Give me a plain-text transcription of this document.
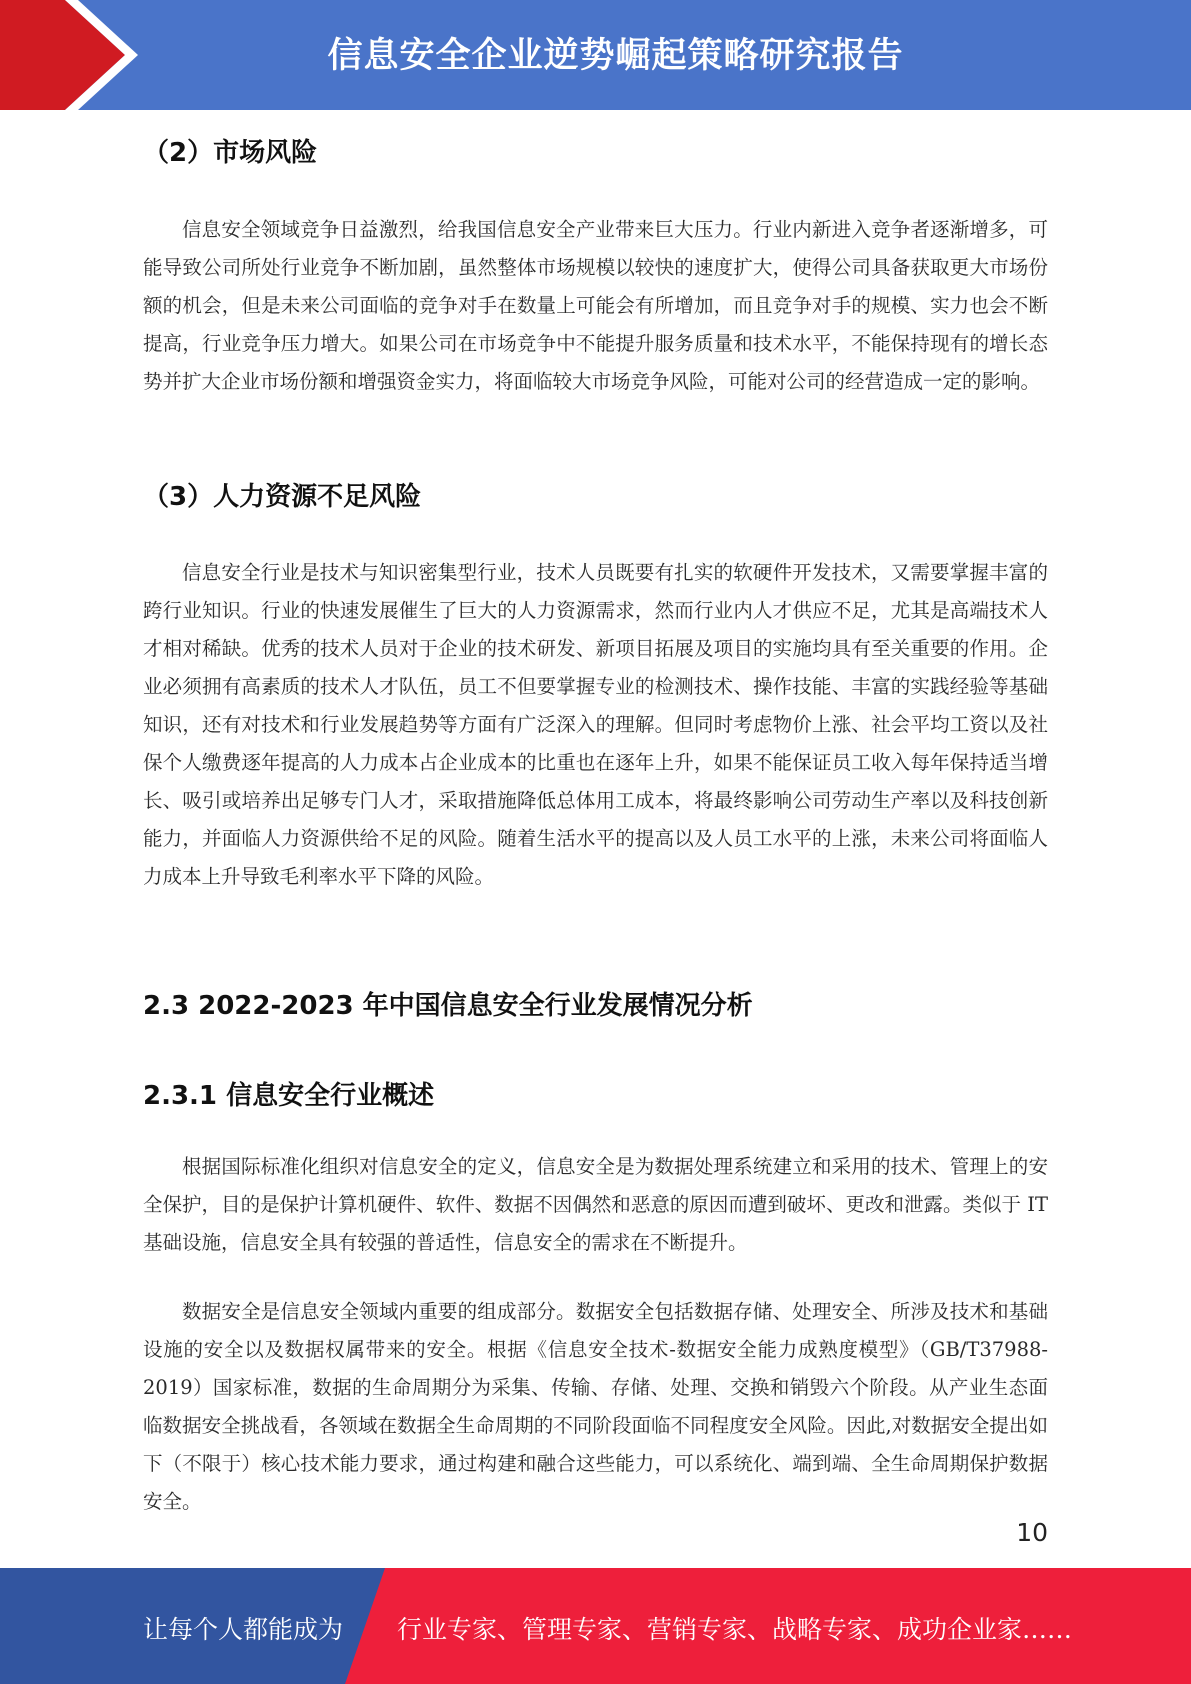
信息安全企业逆势崛起策略研究报告
（2）市场风险

信息安全领域竞争日益激烈，给我国信息安全产业带来巨大压力。行业内新进入竞争者逐渐增多，可能导致公司所处行业竞争不断加剧，虽然整体市场规模以较快的速度扩大，使得公司具备获取更大市场份额的机会，但是未来公司面临的竞争对手在数量上可能会有所增加，而且竞争对手的规模、实力也会不断提高，行业竞争压力增大。如果公司在市场竞争中不能提升服务质量和技术水平，不能保持现有的增长态势并扩大企业市场份额和增强资金实力，将面临较大市场竞争风险，可能对公司的经营造成一定的影响。

（3）人力资源不足风险

信息安全行业是技术与知识密集型行业，技术人员既要有扎实的软硬件开发技术，又需要掌握丰富的跨行业知识。行业的快速发展催生了巨大的人力资源需求，然而行业内人才供应不足，尤其是高端技术人才相对稀缺。优秀的技术人员对于企业的技术研发、新项目拓展及项目的实施均具有至关重要的作用。企业必须拥有高素质的技术人才队伍，员工不但要掌握专业的检测技术、操作技能、丰富的实践经验等基础知识，还有对技术和行业发展趋势等方面有广泛深入的理解。但同时考虑物价上涨、社会平均工资以及社保个人缴费逐年提高的人力成本占企业成本的比重也在逐年上升，如果不能保证员工收入每年保持适当增长、吸引或培养出足够专门人才，采取措施降低总体用工成本，将最终影响公司劳动生产率以及科技创新能力，并面临人力资源供给不足的风险。随着生活水平的提高以及人员工水平的上涨，未来公司将面临人力成本上升导致毛利率水平下降的风险。

2.3 2022-2023 年中国信息安全行业发展情况分析
2.3.1 信息安全行业概述

根据国际标准化组织对信息安全的定义，信息安全是为数据处理系统建立和采用的技术、管理上的安全保护，目的是保护计算机硬件、软件、数据不因偶然和恶意的原因而遭到破坏、更改和泄露。类似于 IT 基础设施，信息安全具有较强的普适性，信息安全的需求在不断提升。

数据安全是信息安全领域内重要的组成部分。数据安全包括数据存储、处理安全、所涉及技术和基础设施的安全以及数据权属带来的安全。根据《信息安全技术-数据安全能力成熟度模型》（GB/T37988-2019）国家标准，数据的生命周期分为采集、传输、存储、处理、交换和销毁六个阶段。从产业生态面临数据安全挑战看，各领域在数据全生命周期的不同阶段面临不同程度安全风险。因此,对数据安全提出如下（不限于）核心技术能力要求，通过构建和融合这些能力，可以系统化、端到端、全生命周期保护数据安全。

10
让每个人都能成为 行业专家、管理专家、营销专家、战略专家、成功企业家……
